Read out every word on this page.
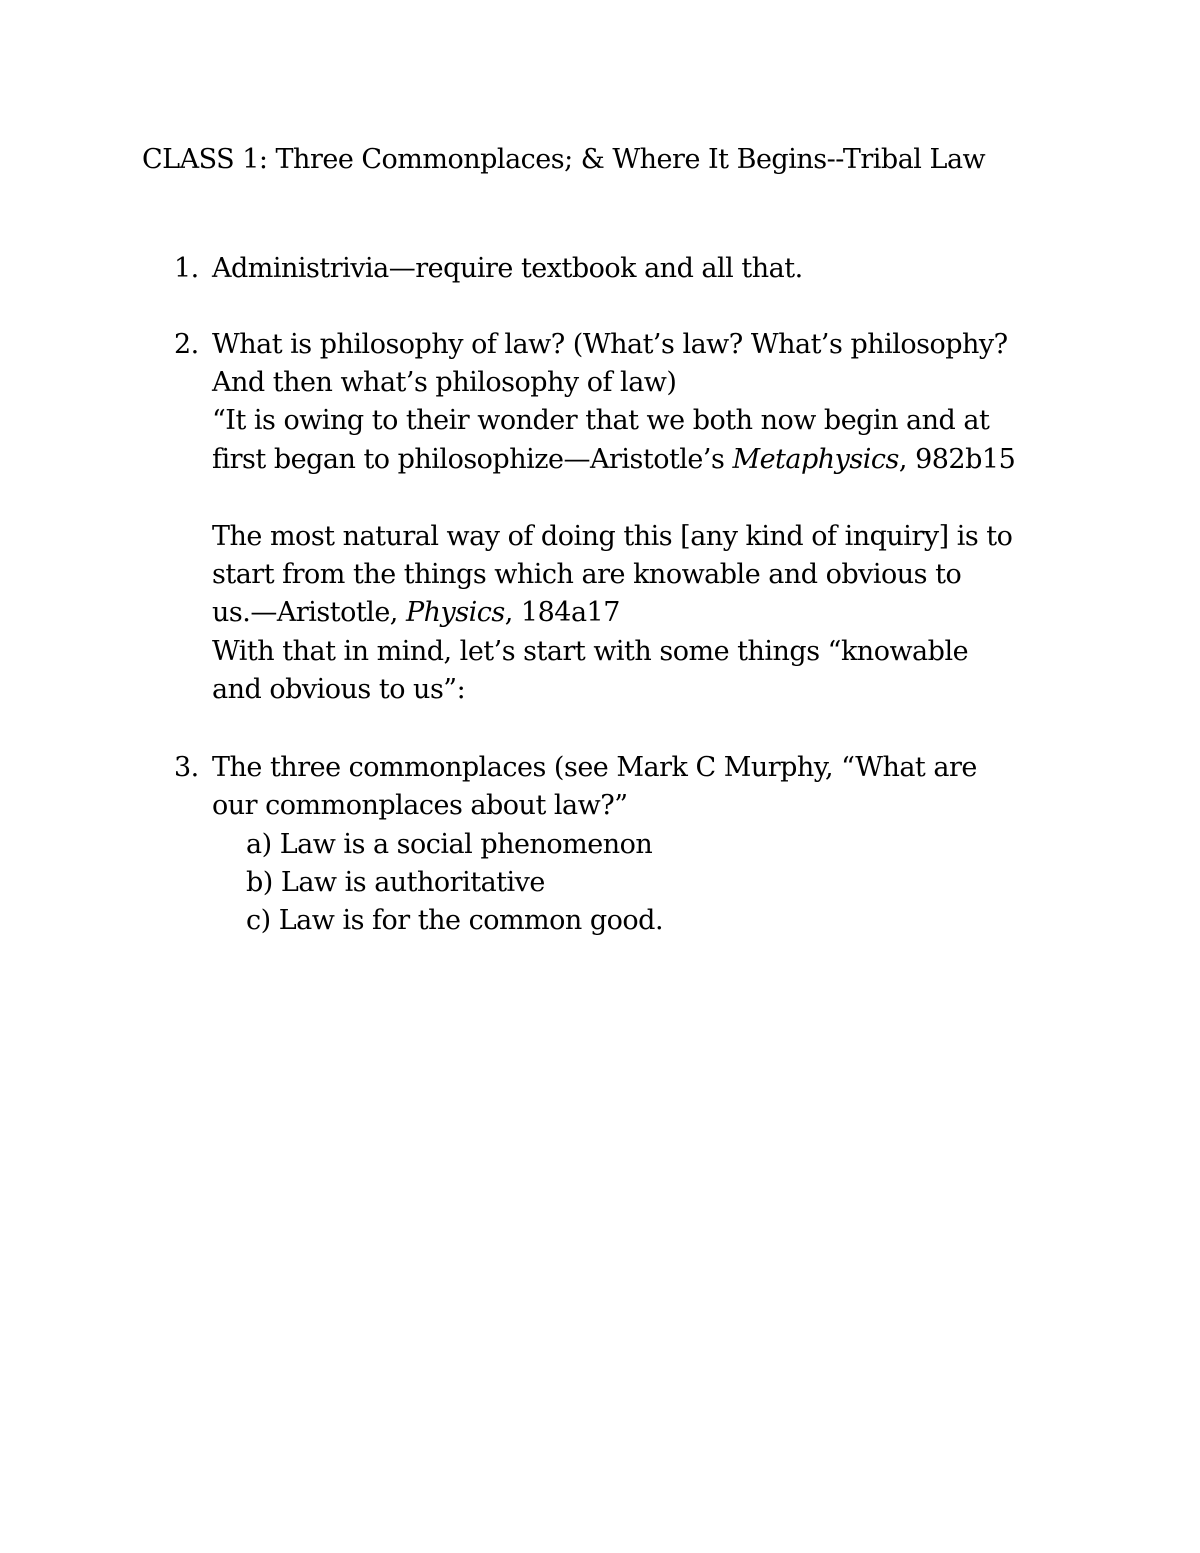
CLASS 1: Three Commonplaces; & Where It Begins--Tribal Law
1. Administrivia—require textbook and all that.
2. What is philosophy of law? (What’s law? What’s philosophy?
And then what’s philosophy of law)
“It is owing to their wonder that we both now begin and at
first began to philosophize—Aristotle’s Metaphysics, 982b15
The most natural way of doing this [any kind of inquiry] is to
start from the things which are knowable and obvious to
us.—Aristotle, Physics, 184a17
With that in mind, let’s start with some things “knowable
and obvious to us”:
3. The three commonplaces (see Mark C Murphy, “What are
our commonplaces about law?”
a) Law is a social phenomenon
b) Law is authoritative
c) Law is for the common good.
